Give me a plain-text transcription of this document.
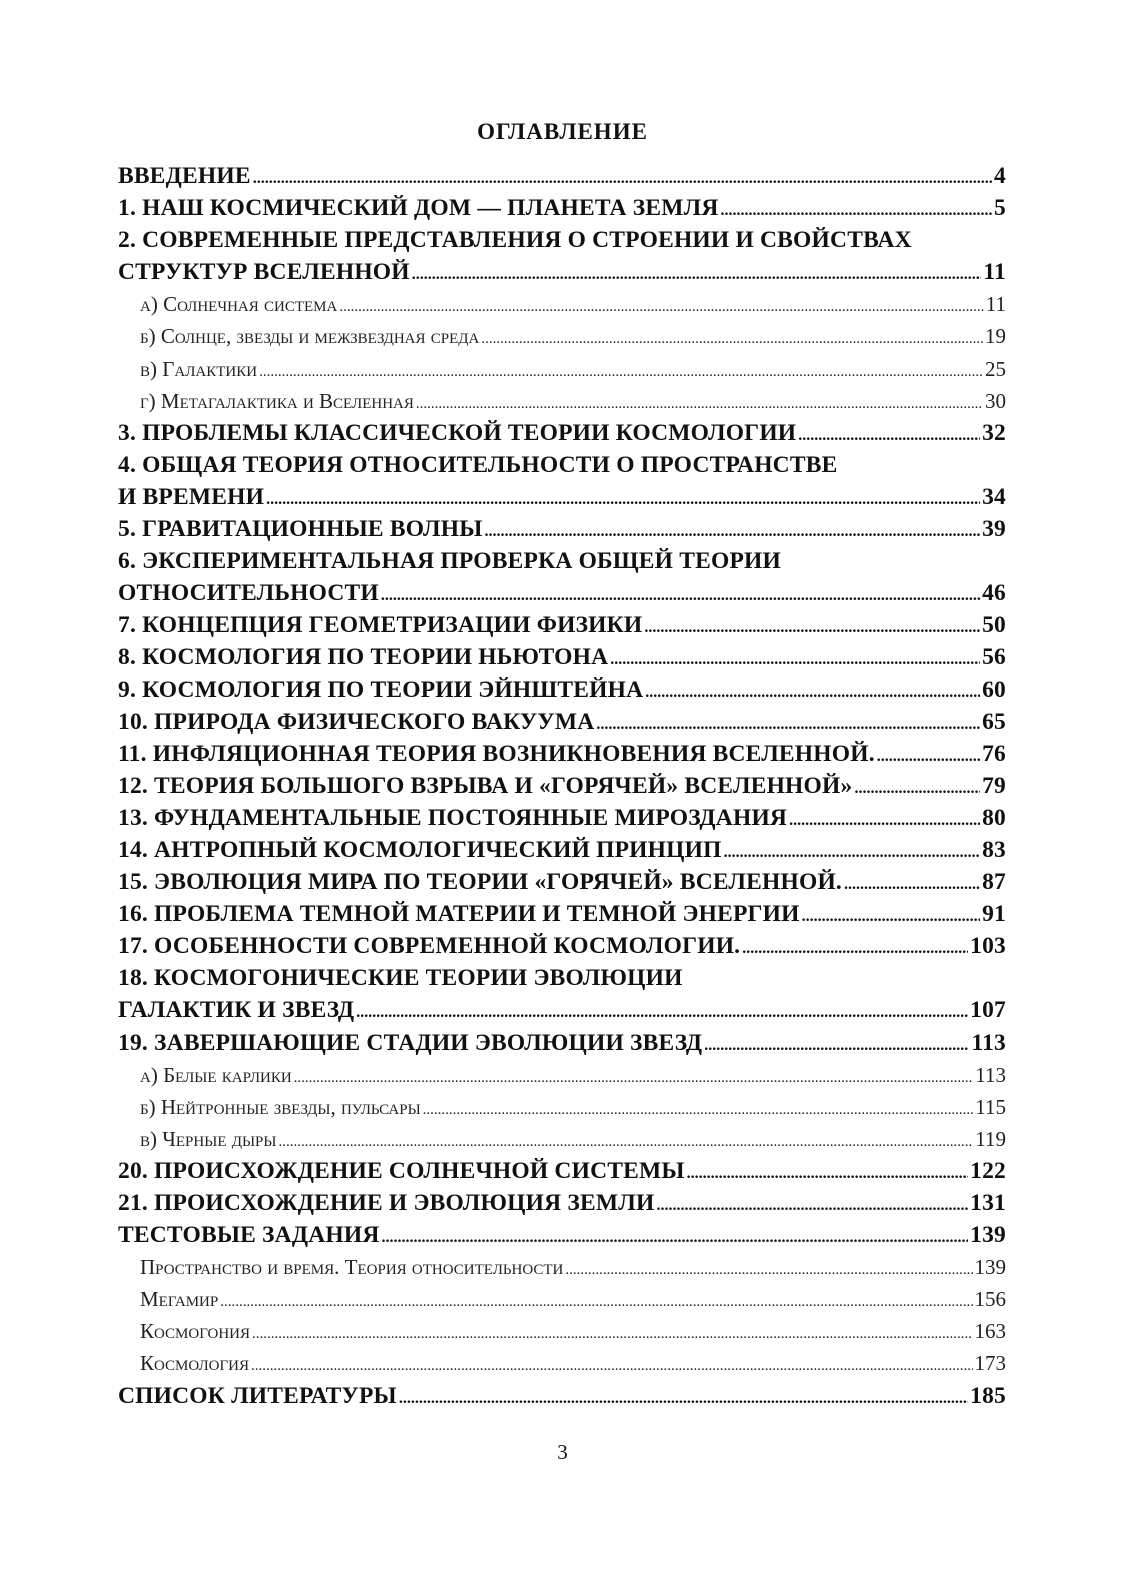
ОГЛАВЛЕНИЕ
ВВЕДЕНИЕ .....	4
1. НАШ КОСМИЧЕСКИЙ ДОМ — ПЛАНЕТА ЗЕМЛЯ .....	5
2. СОВРЕМЕННЫЕ ПРЕДСТАВЛЕНИЯ О СТРОЕНИИ И СВОЙСТВАХ
СТРУКТУР ВСЕЛЕННОЙ .....	11
а) Солнечная система .....	11
б) Солнце, звезды и межзвездная среда .....	19
в) Галактики .....	25
г) Метагалактика и Вселенная .....	30
3. ПРОБЛЕМЫ КЛАССИЧЕСКОЙ ТЕОРИИ КОСМОЛОГИИ .....	32
4. ОБЩАЯ ТЕОРИЯ ОТНОСИТЕЛЬНОСТИ О ПРОСТРАНСТВЕ
И ВРЕМЕНИ .....	34
5. ГРАВИТАЦИОННЫЕ ВОЛНЫ .....	39
6. ЭКСПЕРИМЕНТАЛЬНАЯ ПРОВЕРКА ОБЩЕЙ ТЕОРИИ
ОТНОСИТЕЛЬНОСТИ .....	46
7. КОНЦЕПЦИЯ ГЕОМЕТРИЗАЦИИ ФИЗИКИ .....	50
8. КОСМОЛОГИЯ ПО ТЕОРИИ НЬЮТОНА .....	56
9. КОСМОЛОГИЯ ПО ТЕОРИИ ЭЙНШТЕЙНА .....	60
10. ПРИРОДА ФИЗИЧЕСКОГО ВАКУУМА .....	65
11. ИНФЛЯЦИОННАЯ ТЕОРИЯ ВОЗНИКНОВЕНИЯ ВСЕЛЕННОЙ. .....	76
12. ТЕОРИЯ БОЛЬШОГО ВЗРЫВА И «ГОРЯЧЕЙ» ВСЕЛЕННОЙ» .....	79
13. ФУНДАМЕНТАЛЬНЫЕ ПОСТОЯННЫЕ МИРОЗДАНИЯ .....	80
14. АНТРОПНЫЙ КОСМОЛОГИЧЕСКИЙ ПРИНЦИП .....	83
15. ЭВОЛЮЦИЯ МИРА ПО ТЕОРИИ «ГОРЯЧЕЙ» ВСЕЛЕННОЙ. .....	87
16. ПРОБЛЕМА ТЕМНОЙ МАТЕРИИ И ТЕМНОЙ ЭНЕРГИИ .....	91
17. ОСОБЕННОСТИ СОВРЕМЕННОЙ КОСМОЛОГИИ. .....	103
18. КОСМОГОНИЧЕСКИЕ ТЕОРИИ ЭВОЛЮЦИИ
ГАЛАКТИК И ЗВЕЗД .....	107
19. ЗАВЕРШАЮЩИЕ СТАДИИ ЭВОЛЮЦИИ ЗВЕЗД .....	113
а) Белые карлики .....	113
б) Нейтронные звезды, пульсары .....	115
в) Черные дыры .....	119
20. ПРОИСХОЖДЕНИЕ СОЛНЕЧНОЙ СИСТЕМЫ .....	122
21. ПРОИСХОЖДЕНИЕ И ЭВОЛЮЦИЯ ЗЕМЛИ .....	131
ТЕСТОВЫЕ ЗАДАНИЯ .....	139
Пространство и время. Теория относительности .....	139
Мегамир .....	156
Космогония .....	163
Космология .....	173
СПИСОК ЛИТЕРАТУРЫ .....	185
3
